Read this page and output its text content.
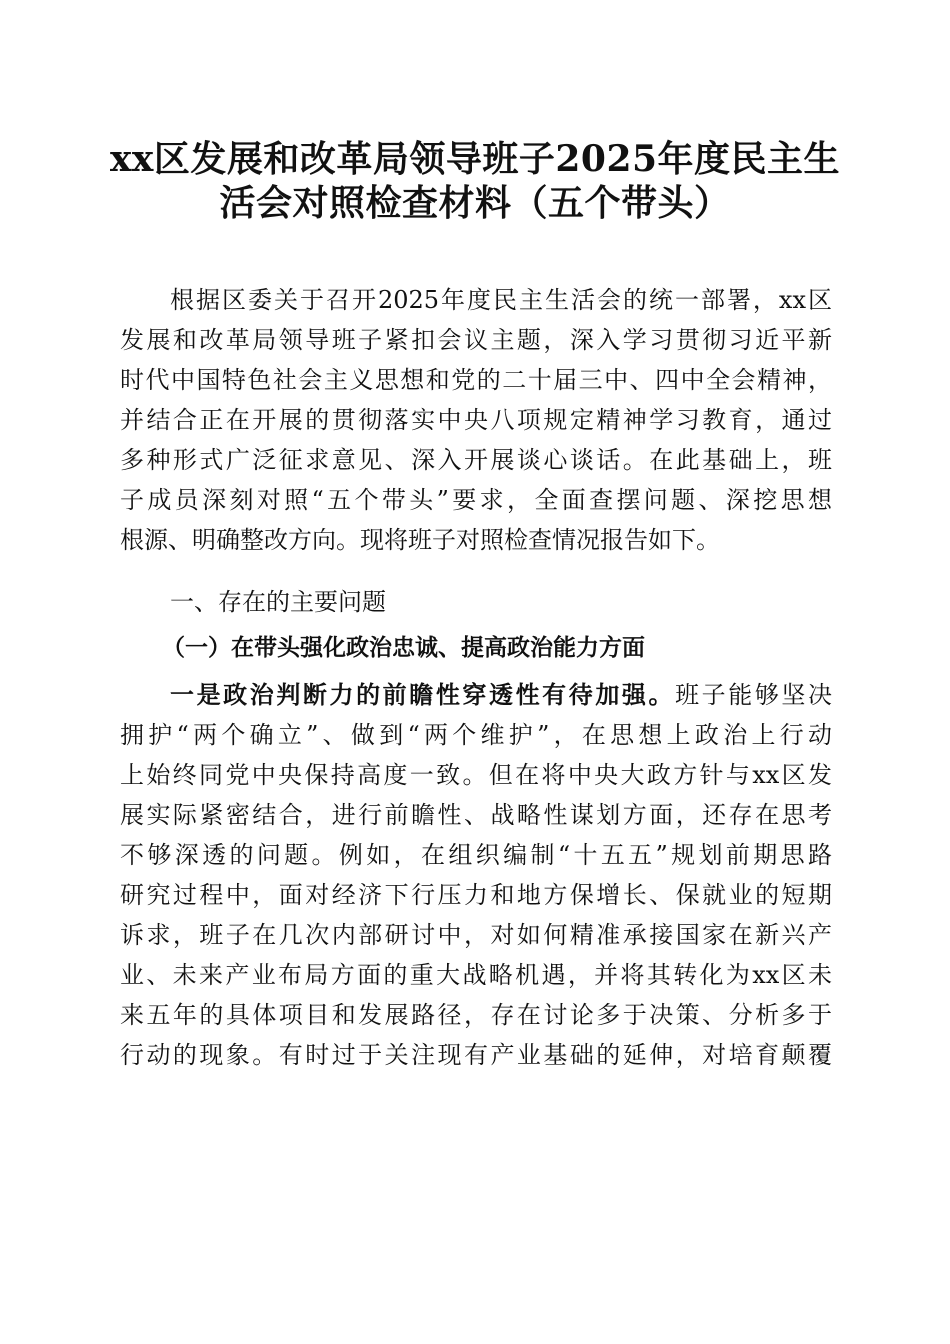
xx区发展和改革局领导班子2025年度民主生
活会对照检查材料（五个带头）
根据区委关于召开2025年度民主生活会的统一部署，xx区
发展和改革局领导班子紧扣会议主题，深入学习贯彻习近平新
时代中国特色社会主义思想和党的二十届三中、四中全会精神，
并结合正在开展的贯彻落实中央八项规定精神学习教育，通过
多种形式广泛征求意见、深入开展谈心谈话。在此基础上，班
子成员深刻对照“五个带头”要求，全面查摆问题、深挖思想
根源、明确整改方向。现将班子对照检查情况报告如下。
一、存在的主要问题
（一）在带头强化政治忠诚、提高政治能力方面
一是政治判断力的前瞻性穿透性有待加强。班子能够坚决
拥护“两个确立”、做到“两个维护”，在思想上政治上行动
上始终同党中央保持高度一致。但在将中央大政方针与xx区发
展实际紧密结合，进行前瞻性、战略性谋划方面，还存在思考
不够深透的问题。例如，在组织编制“十五五”规划前期思路
研究过程中，面对经济下行压力和地方保增长、保就业的短期
诉求，班子在几次内部研讨中，对如何精准承接国家在新兴产
业、未来产业布局方面的重大战略机遇，并将其转化为xx区未
来五年的具体项目和发展路径，存在讨论多于决策、分析多于
行动的现象。有时过于关注现有产业基础的延伸，对培育颠覆
